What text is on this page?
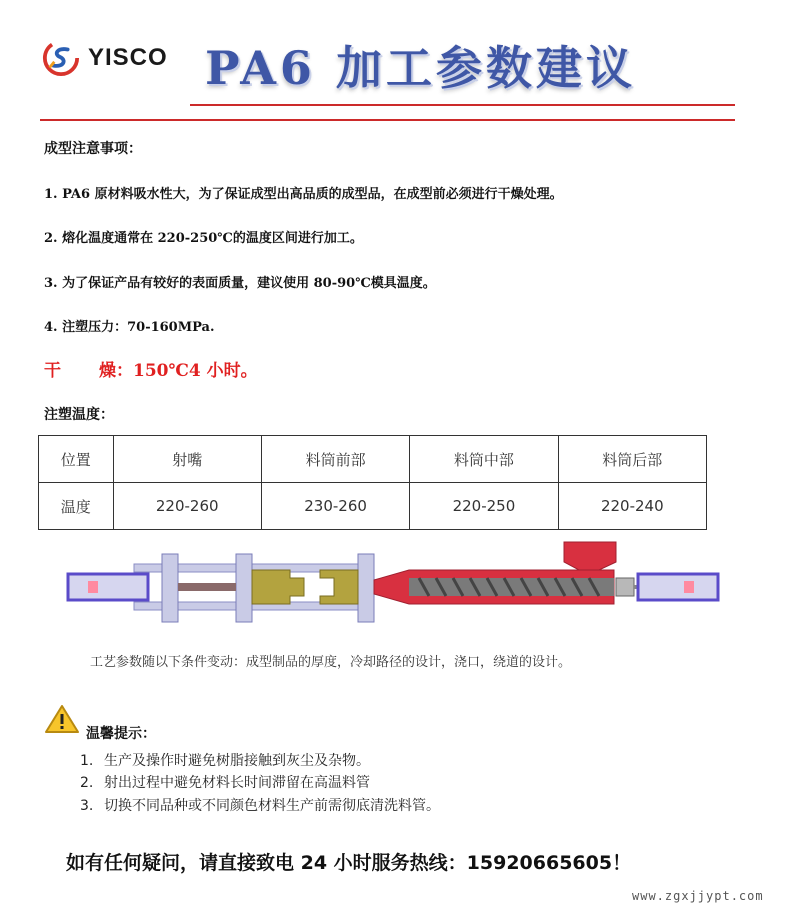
YISCO PA6 加工参数建议
成型注意事项：
1. PA6 原材料吸水性大，为了保证成型出高品质的成型品，在成型前必须进行干燥处理。
2. 熔化温度通常在 220-250℃的温度区间进行加工。
3. 为了保证产品有较好的表面质量，建议使用 80-90℃模具温度。
4. 注塑压力：70-160MPa.
干 燥：150℃4 小时。
注塑温度：
位置	射嘴	料筒前部	料筒中部	料筒后部
温度	220-260	230-260	220-250	220-240
工艺参数随以下条件变动：成型制品的厚度，冷却路径的设计，浇口，绕道的设计。
温馨提示：
1. 生产及操作时避免树脂接触到灰尘及杂物。
2. 射出过程中避免材料长时间滞留在高温料管
3. 切换不同品种或不同颜色材料生产前需彻底清洗料管。
如有任何疑问，请直接致电 24 小时服务热线：15920665605！
www.zgxjjypt.com
